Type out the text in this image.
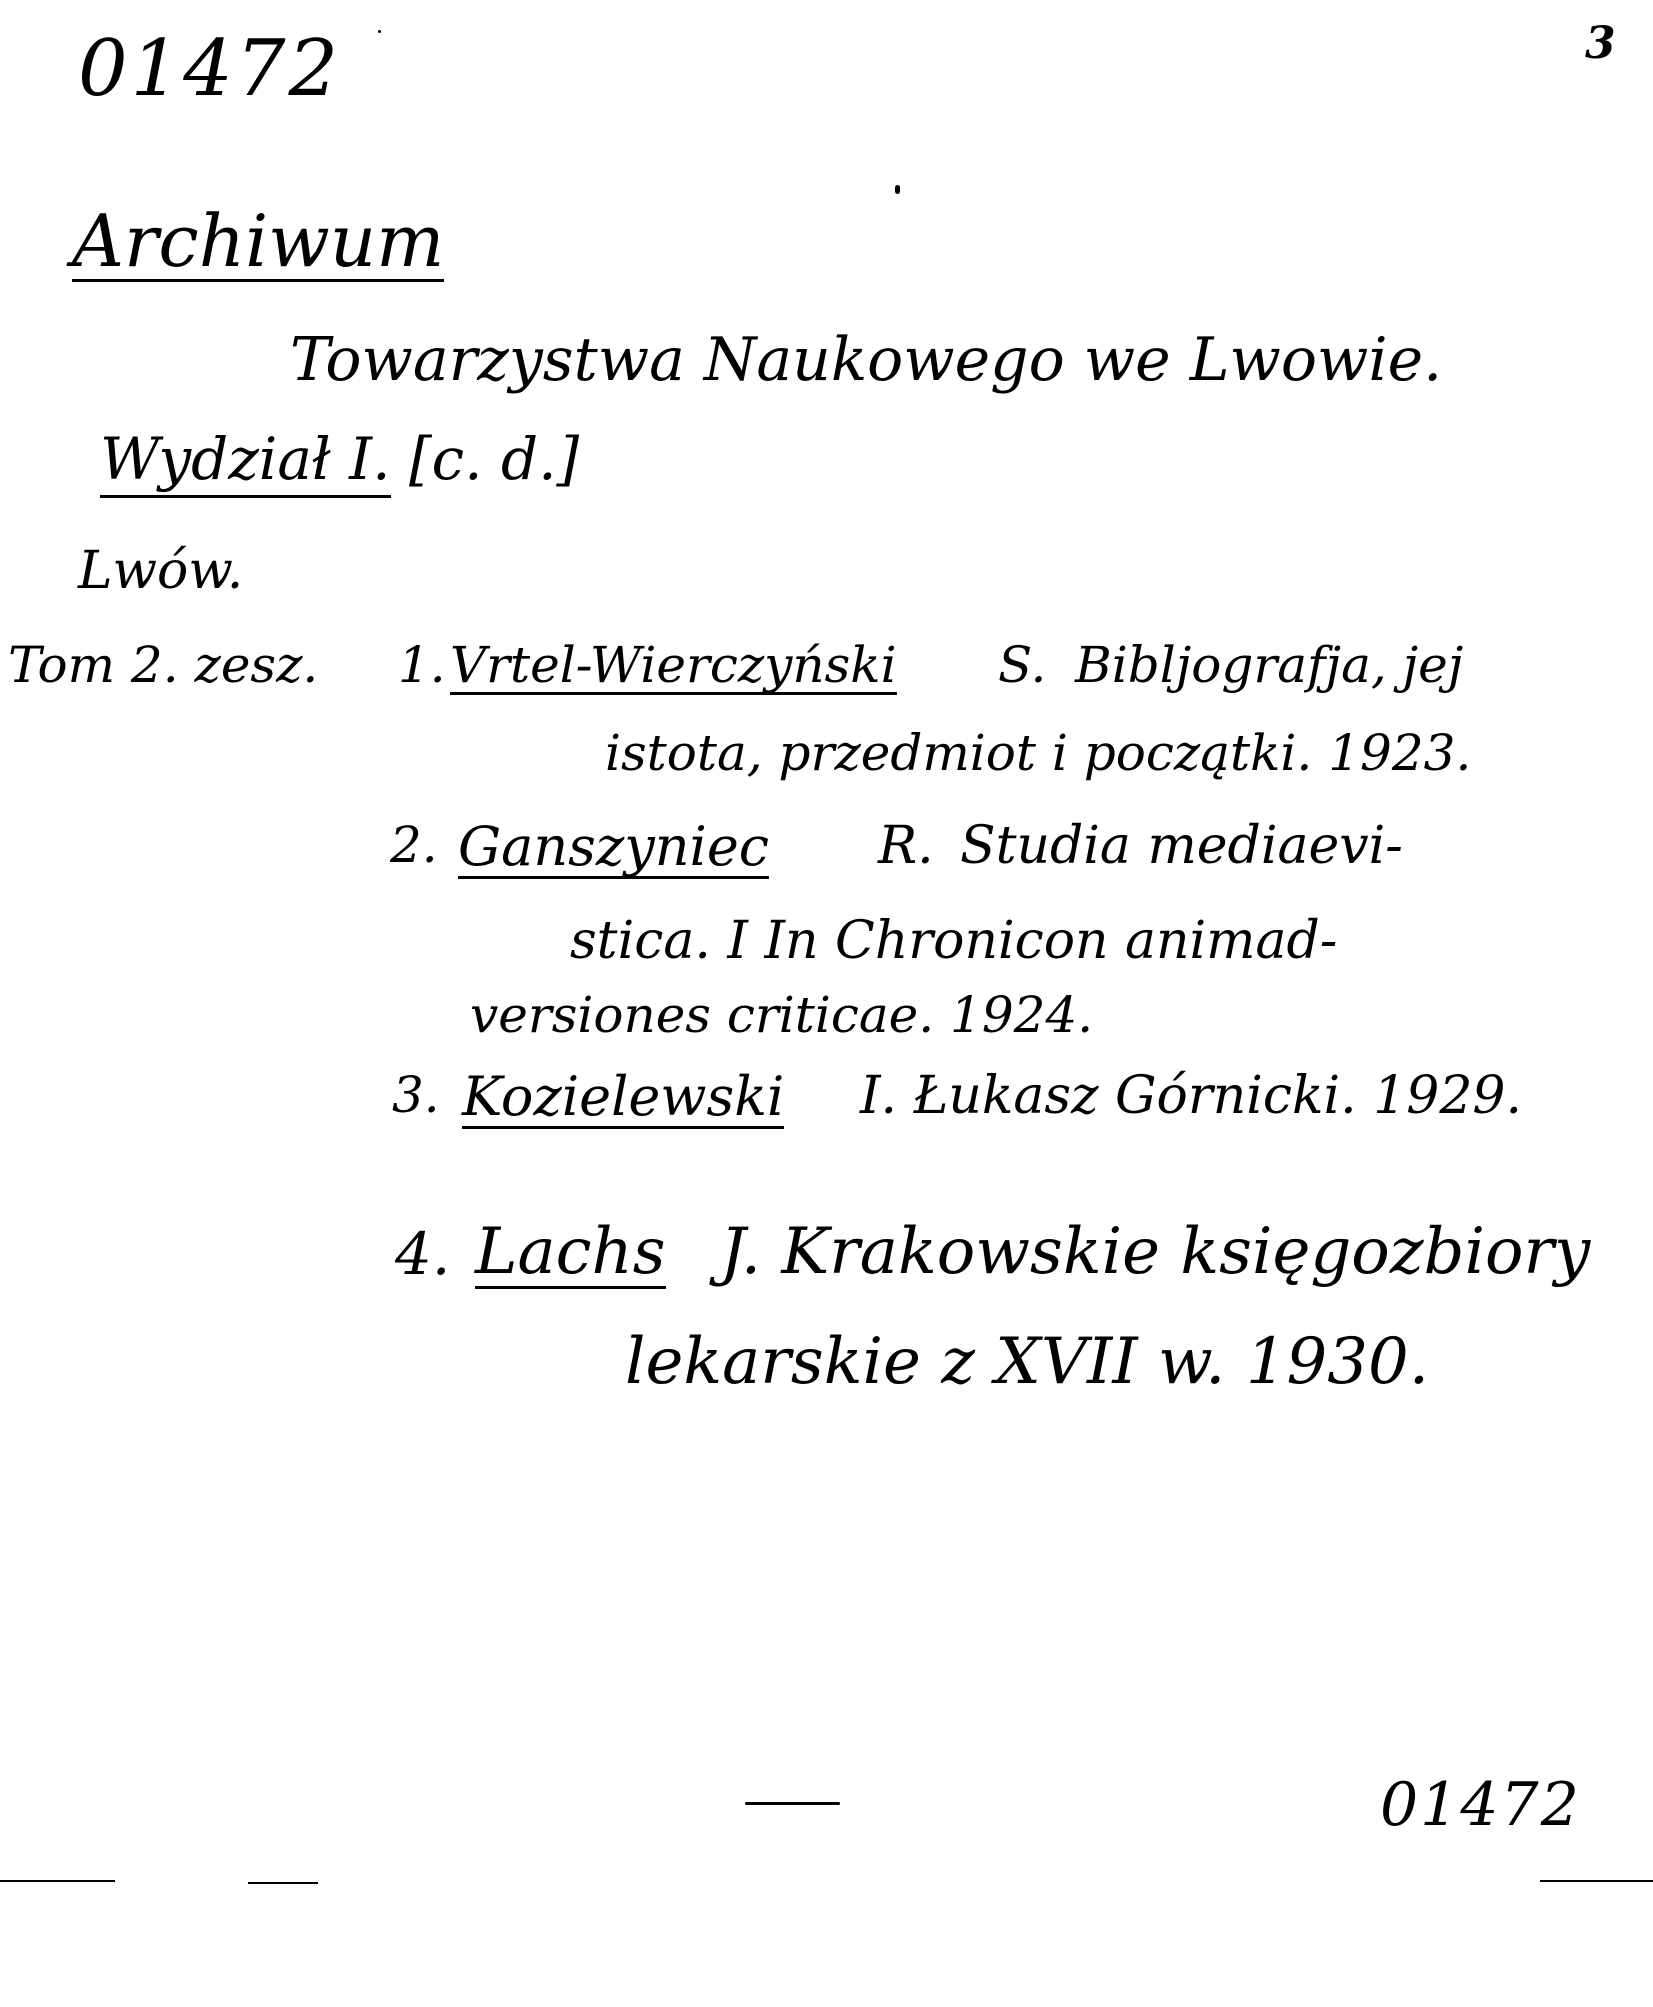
01472	3
Archiwum
Towarzystwa Naukowego we Lwowie.
Wydział I. [c. d.]
Lwów.
Tom 2. zesz. 1. Vrtel-Wierczyński S. Bibljografja, jej
istota, przedmiot i początki. 1923.
2. Ganszyniec R. Studia mediaevi-
stica. I In Chronicon animad-
versiones criticae. 1924.
3. Kozielewski I. Łukasz Górnicki. 1929.
4. Lachs J. Krakowskie księgozbiory
lekarskie z XVII w. 1930.
01472
